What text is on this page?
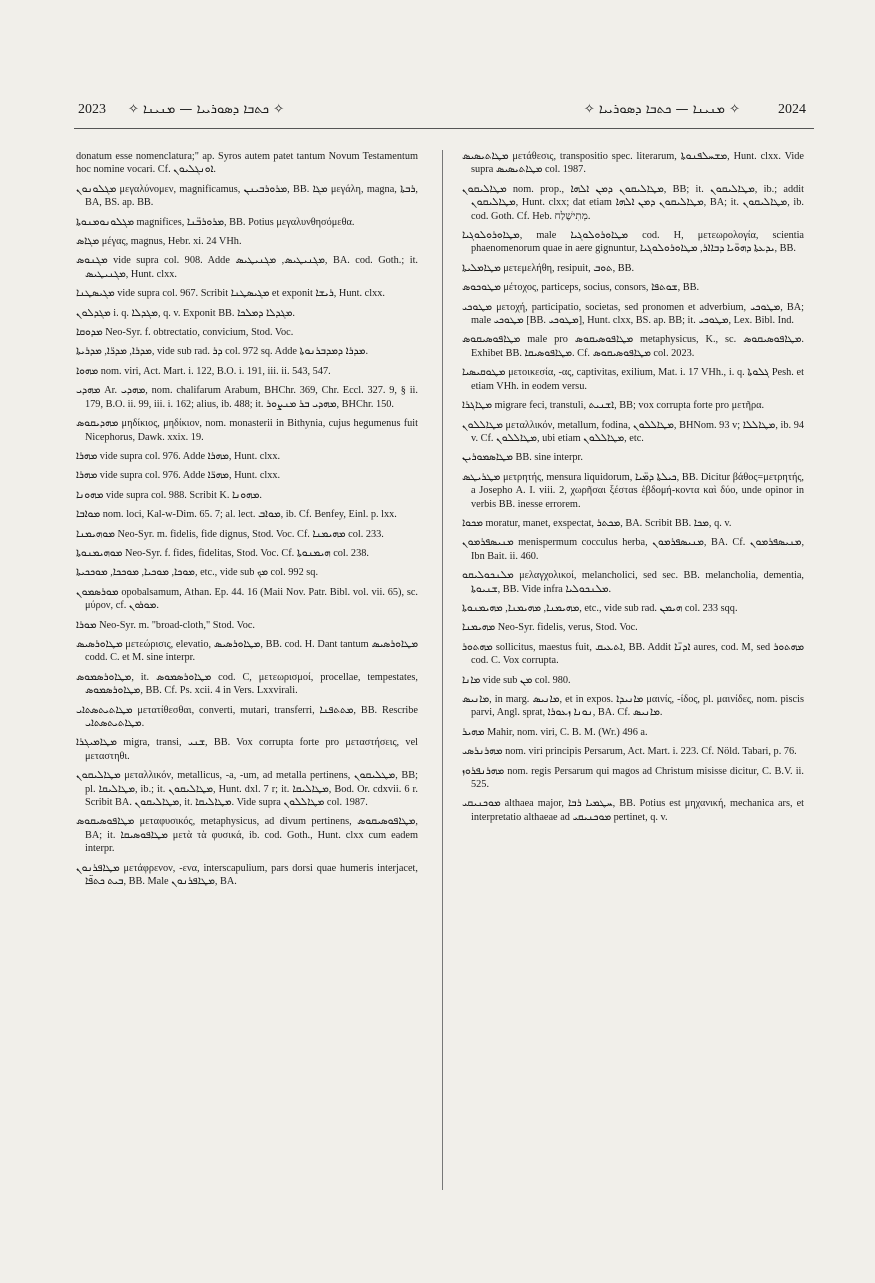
2023 ✧ ܟܬܒܐ ܕܣܘܪܝܝܐ — ܡܢܝܢܐ ✧	✧ ܡܢܝܢܐ — ܟܬܒܐ ܕܣܘܪܝܝܐ ✧	2024

donatum esse nomenclatura;" ap. Syros autem patet tantum Novum Testamentum hoc nomine vocari. Cf. ܐܘܢܓܠܝܘܢ.

ܡܓܠܘܢܘܢ μεγαλύνομεν, magnificamus, ܡܪܘܪܒܝܢܢ, BB. ܡܓܐ μεγάλη, magna, ܪܒܬܐ, BA, BS. ap. BB.

ܡܓܠܘܢܘܡܢܘܬܐ magnifices, ܡܪܘܪܒ̈ܢܐ, BB. Potius μεγαλυνθησόμεθα.

ܡܓܐܣ μέγας, magnus, Hebr. xi. 24 VHh.

ܡܓܢܘܣ vide supra col. 908. Adde ܡܓܢܝܛܝܣ, ܡܓܢܝܛܝܣ, BA. cod. Goth.; it. ܡܓܢܝܛܝܣ, Hunt. clxx.

ܡܓܝܣܛܢܐ vide supra col. 967. Scribit ܡܓܝܣܛܢܐ et exponit ܪܝܫܐ, Hunt. clxx.

ܡܓܕܠܘܢ i. q. ܡܓܕܠܐ, q. v. Exponit BB. ܡܓܕܠܐ ܕܡܠܟܐ.

ܡܕܘܩܐ Neo-Syr. f. obtrectatio, convicium, Stod. Voc.

ܡܕܪܐ, ܡܕܪ̈ܐ, ܡܕܪܝܬܐ, vide sub rad. ܕܪ col. 972 sq. Adde ܡܕܪܐ ܕܡܕܒܪܢܘܬܐ.

ܡܗܘܐ nom. viri, Act. Mart. i. 122, B.O. i. 191, iii. ii. 543, 547.

ܡܗܕܝ Ar. ܡܗܕܝ, nom. chalifarum Arabum, BHChr. 369, Chr. Eccl. 327. 9, § ii. 179, B.O. ii. 99, iii. i. 162; alius, ib. 488; it. ܡܗܕܝ ܒܪ ܡܢܨܘܪ, BHChr. 150.

ܡܗܕܝܩܘܣ μηδίκιος, μηδίκιον, nom. monasterii in Bithynia, cujus hegumenus fuit Nicephorus, Dawk. xxix. 19.

ܡܗܪܐ vide supra col. 976. Adde ܡܗܪܐ, Hunt. clxx.

ܡܗܪܐ vide supra col. 976. Adde ܡܗܪ̈ܐ, Hunt. clxx.

ܡܗܘܢܐ vide supra col. 988. Scribit K. ܡܗܘܢܐ.

ܡܘܐܒܐ nom. loci, Kal-w-Dim. 65. 7; al. lect. ܡܘܐܒ, ib. Cf. Benfey, Einl. p. lxx.

ܡܘܗܝܡܢܐ Neo-Syr. m. fidelis, fide dignus, Stod. Voc. Cf. ܡܗܝܡܢܐ col. 233.

ܡܘܗܝܡܢܘܬܐ Neo-Syr. f. fides, fidelitas, Stod. Voc. Cf. ܗܝܡܢܘܬܐ col. 238.

ܡܘܟܐ, ܡܘܟܝܐ, ܡܘܟܟܐ, ܡܘܟܟܝܬܐ, etc., vide sub ܡܟ col. 992 sq.

ܡܘܪܣܡܘܢ opobalsamum, Athan. Ep. 44. 16 (Maii Nov. Patr. Bibl. vol. vii. 65), sc. μύρον, cf. ܡܘܪܘܢ.

ܡܘܪܐ Neo-Syr. m. "broad-cloth," Stod. Voc.

ܡܛܐܘܪܣܝܣ μετεώρισις, elevatio, ܡܛܐܘܪܣܝܣ, BB. cod. H. Dant tantum ܡܛܐܘܪܣܝܣ codd. C. et M. sine interpr.

ܡܛܐܘܪܣܡܘܣ, it. ܡܛܐܘܪܣܡܘܣ cod. C, μετεωρισμοί, procellae, tempestates, ܡܛܐܘܪܣܡܘܣ, BB. Cf. Ps. xcii. 4 in Vers. Lxxvirali.

ܡܛܐܬܝܬܣܬܐܝ μετατίθεσθαι, converti, mutari, transferri, ܡܬܬܦܢܐ, BB. Rescribe ܡܛܐܬܝܬܣܬܐܝ.

ܡܛܐܡܝܓܪܐ migra, transi, ܫܢܝ, BB. Vox corrupta forte pro μεταστήσεις, vel μεταστηθι.

ܡܛܐܠܝܩܘܢ μεταλλικόν, metallicus, -a, -um, ad metalla pertinens, ܡܛܠܝܩܘܢ, BB; pl. ܡܛܐܠܝܩܐ, ib.; it. ܡܛܐܠܝܩܘܢ, Hunt. dxl. 7 r; it. ܡܛܐܠܝܩܐ, Bod. Or. cdxvii. 6 r. Scribit BA. ܡܛܐܠܝܩܘܢ, it. ܡܛܐܠܝܩܐ. Vide supra ܡܛܐܠܠܘܢ col. 1987.

ܡܛܐܦܘܣܝܩܘܣ μεταφυσικός, metaphysicus, ad divum pertinens, ܡܛܐܦܘܣܝܩܘܣ, BA; it. ܡܛܐܦܘܣܝܩܐ μετὰ τὰ φυσικά, ib. cod. Goth., Hunt. clxx cum eadem interpr.

ܡܛܐܦܪܢܘܢ μετάφρενον, -ενα, interscapulium, pars dorsi quae humeris interjacet, ܒܝܬ ܟܬܦ̈ܐ, BB. Male ܡܛܐܦܪܢܘܢ, BA.

ܡܛܐܬܝܣܝܣ μετάθεσις, transpositio spec. literarum, ܡܫܚܠܦܢܘܬܐ, Hunt. clxx. Vide supra ܡܛܐܬܝܣܝܣ col. 1987.

ܡܛܐܠܝܩܘܢ nom. prop., ܡܛܐܠܝܩܘܢ ܕܡܢ ܐܠܗܐ, BB; it. ܡܛܐܠܝܩܘܢ, ib.; addit ܡܛܐܠܝܩܘܢ, Hunt. clxx; dat etiam ܡܛܐܠܝܩܘܢ ܕܡܢ ܐܠܗܐ, BA; it. ܡܛܐܠܝܩܘܢ, ib. cod. Goth. Cf. Heb. מְתִישֶׁלַח.

ܡܛܐܘܪܘܠܘܓܝܐ, male ܡܛܐܘܪܘܠܘܓܝܐ cod. H, μετεωρολογία, scientia phaenomenorum quae in aere gignuntur, ܝܕܥܬܐ ܕܗܘ̈ܝܐ ܕܒܐܐܪ, ܡܛܐܘܪܘܠܘܓܝܐ, BB.

ܡܛܐܡܠܝܬܐ μετεμελήθη, resipuit, ܬܘܒ, BB.

ܡܛܘܟܘܣ μέτοχος, particeps, socius, consors, ܫܘܬܦܐ, BB.

ܡܛܘܟܝ μετοχή, participatio, societas, sed pronomen et adverbium, ܡܛܘܟܝ, BA; male ܡܛܘܟܝ [BB. ܡܛܘܟܝ], Hunt. clxx, BS. ap. BB; it. ܡܛܘܟܝ, Lex. Bibl. Ind.

ܡܛܐܦܘܣܝܩܘܣ male pro ܡܛܐܦܘܣܝܩܘܣ metaphysicus, K., sc. ܡܛܐܦܘܣܝܩܘܣ. Exhibet BB. ܡܛܐܦܘܣܝܩܐ. Cf. ܡܛܐܦܘܣܝܩܘܣ col. 2023.

ܡܛܘܩܝܣܝܐ μετοικεσία, -ας, captivitas, exilium, Mat. i. 17 VHh., i. q. ܓܠܘܬܐ Pesh. et etiam VHh. in eodem versu.

ܡܛܐܓܪܐ migrare feci, transtuli, ܐܫܢܝܬ, BB; vox corrupta forte pro μετῆρα.

ܡܛܐܠܠܘܢ μεταλλικόν, metallum, fodina, ܡܛܐܠܠܘܢ, BHNom. 93 v; ܡܛܐܠܠܐ, ib. 94 v. Cf. ܡܛܐܠܠܘܢ, ubi etiam ܡܛܐܠܠܘܢ, etc.

ܡܛܐܣܡܘܪܝܢ BB. sine interpr.

ܡܛܪܝܛܣ μετρητής, mensura liquidorum, ܟܝܠܬܐ ܕܡ̈ܝܐ, BB. Dicitur βάθος=μετρητής, a Josepho A. I. viii. 2, χωρῆσαι ξέσταs ἑβδομή-κοντα καὶ δύο, unde opinor in verbis BB. inesse errorem.

ܡܟܘܐ moratur, manet, exspectat, ܡܟܬܪ, BA. Scribit BB. ܡܟܐ, q. v.

ܡܢܝܣܦܪܡܘܢ menispermum cocculus herba, ܡܢܝܣܦܪܡܘܢ, BA. Cf. ܡܢܝܣܦܪܡܘܢ, Ibn Bait. ii. 460.

ܡܠܢܟܘܠܝܩܘ μελαγχολικοί, melancholici, sed sec. BB. melancholia, dementia, ܫܢܝܘܬܐ, BB. Vide infra ܡܠܢܟܘܠܝܐ.

ܡܗܝܡܢܐ, ܡܗܝܡܢܐ, ܡܗܝܡܢܘܬܐ, etc., vide sub rad. ܗܝܡܢ col. 233 sqq.

ܡܗܝܡܢܐ Neo-Syr. fidelis, verus, Stod. Voc.

ܡܗܬܘܪ sollicitus, maestus fuit, ܐܬܥܝܩ, BB. Addit ܐܕܢ̈ܐ aures, cod. M, sed ܡܗܬܘܪ cod. C. Vox corrupta.

ܡܐܢܐ vide sub ܡܢ col. 980.

ܡܐܢܝܣ, in marg. ܡܐܢܝܣ, et in expos. ܡܐܢܝܕܐ μαινίς, -ίδος, pl. μαινίδες, nom. piscis parvi, Angl. sprat, ܢܘܢܐ ܙܥܘܪܐ, BA. Cf. ܡܐܢܝܣ.

ܡܗܝܪ Mahir, nom. viri, C. B. M. (Wr.) 496 a.

ܡܗܪܢܪܣܝ nom. viri principis Persarum, Act. Mart. i. 223. Cf. Nöld. Tabari, p. 76.

ܡܗܪܢܦܪܘܙ nom. regis Persarum qui magos ad Christum misisse dicitur, C. B.V. ii. 525.

ܡܘܟܢܝܩܝ althaea major, ܚܛܡܝܐ ܪܒܐ, BB. Potius est μηχανική, mechanica ars, et interpretatio althaeae ad ܡܘܟܢܝܩܝ pertinet, q. v.
